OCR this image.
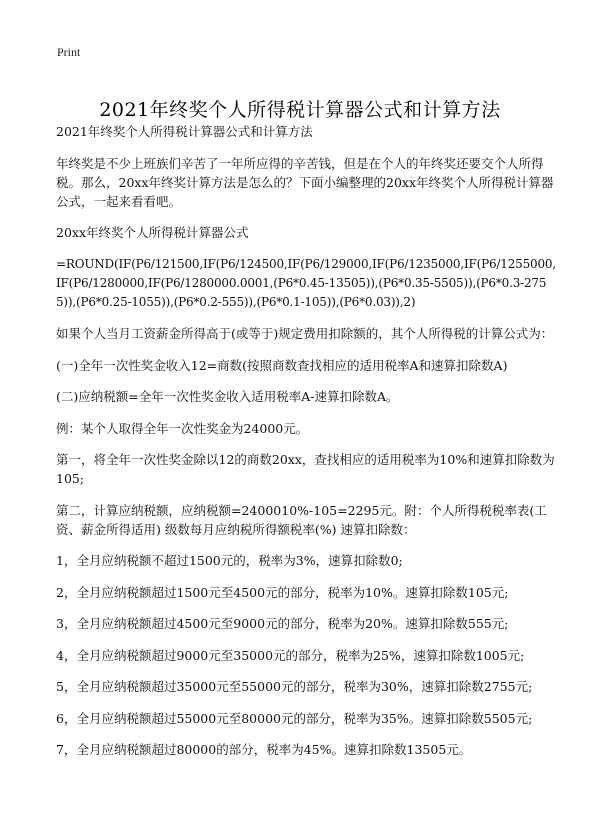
Print
2021年终奖个人所得税计算器公式和计算方法

2021年终奖个人所得税计算器公式和计算方法

年终奖是不少上班族们辛苦了一年所应得的辛苦钱，但是在个人的年终奖还要交个人所得税。那么，20xx年终奖计算方法是怎么的？下面小编整理的20xx年终奖个人所得税计算器公式，一起来看看吧。

20xx年终奖个人所得税计算器公式

=ROUND(IF(P6/121500,IF(P6/124500,IF(P6/129000,IF(P6/1235000,IF(P6/1255000,IF(P6/1280000,IF(P6/1280000.0001,(P6*0.45-13505)),(P6*0.35-5505)),(P6*0.3-2755)),(P6*0.25-1055)),(P6*0.2-555)),(P6*0.1-105)),(P6*0.03)),2)

如果个人当月工资薪金所得高于(或等于)规定费用扣除额的，其个人所得税的计算公式为：

(一)全年一次性奖金收入12=商数(按照商数查找相应的适用税率A和速算扣除数A)

(二)应纳税额=全年一次性奖金收入适用税率A-速算扣除数A。

例：某个人取得全年一次性奖金为24000元。

第一，将全年一次性奖金除以12的商数20xx，查找相应的适用税率为10%和速算扣除数为105;

第二，计算应纳税额，应纳税额=2400010%-105=2295元。附：个人所得税税率表(工资、薪金所得适用) 级数每月应纳税所得额税率(%) 速算扣除数：

1，全月应纳税额不超过1500元的，税率为3%，速算扣除数0;

2，全月应纳税额超过1500元至4500元的部分，税率为10%。速算扣除数105元;

3，全月应纳税额超过4500元至9000元的部分，税率为20%。速算扣除数555元;

4，全月应纳税额超过9000元至35000元的部分，税率为25%，速算扣除数1005元;

5，全月应纳税额超过35000元至55000元的部分，税率为30%，速算扣除数2755元;

6，全月应纳税额超过55000元至80000元的部分，税率为35%。速算扣除数5505元;

7，全月应纳税额超过80000的部分，税率为45%。速算扣除数13505元。
